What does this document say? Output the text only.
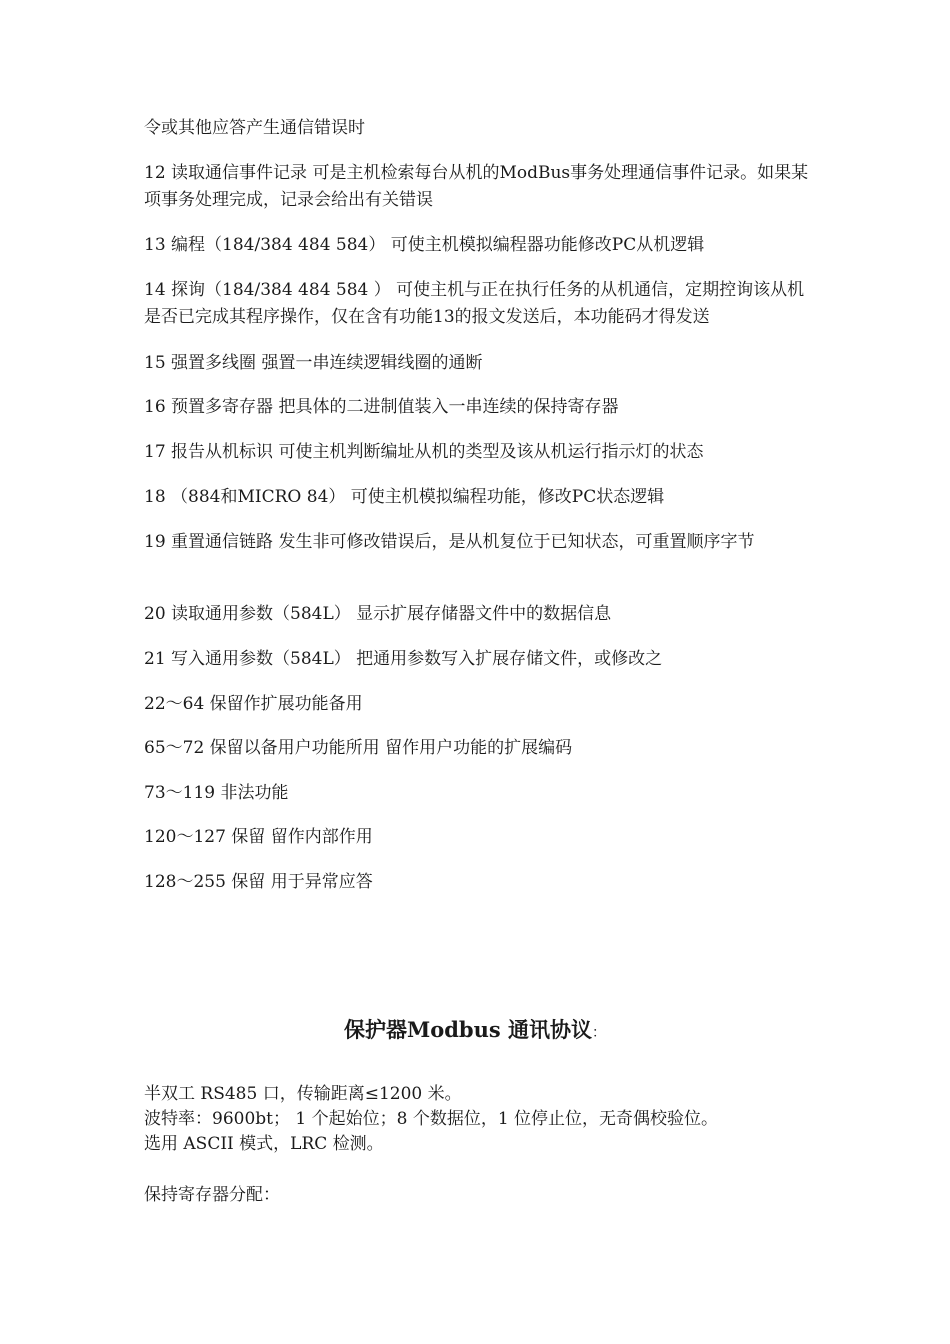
令或其他应答产生通信错误时
12 读取通信事件记录 可是主机检索每台从机的ModBus事务处理通信事件记录。如果某项事务处理完成，记录会给出有关错误
13 编程（184/384 484 584） 可使主机模拟编程器功能修改PC从机逻辑
14 探询（184/384 484 584 ） 可使主机与正在执行任务的从机通信，定期控询该从机是否已完成其程序操作，仅在含有功能13的报文发送后，本功能码才得发送
15 强置多线圈 强置一串连续逻辑线圈的通断
16 预置多寄存器 把具体的二进制值装入一串连续的保持寄存器
17 报告从机标识 可使主机判断编址从机的类型及该从机运行指示灯的状态
18 （884和MICRO 84） 可使主机模拟编程功能，修改PC状态逻辑
19 重置通信链路 发生非可修改错误后，是从机复位于已知状态，可重置顺序字节
20 读取通用参数（584L） 显示扩展存储器文件中的数据信息
21 写入通用参数（584L） 把通用参数写入扩展存储文件，或修改之
22～64 保留作扩展功能备用
65～72 保留以备用户功能所用 留作用户功能的扩展编码
73～119 非法功能
120～127 保留 留作内部作用
128～255 保留 用于异常应答
保护器Modbus 通讯协议：
半双工 RS485 口，传输距离≤1200 米。
波特率：9600bt； 1 个起始位；8 个数据位，1 位停止位，无奇偶校验位。
选用 ASCII 模式，LRC 检测。
保持寄存器分配：
